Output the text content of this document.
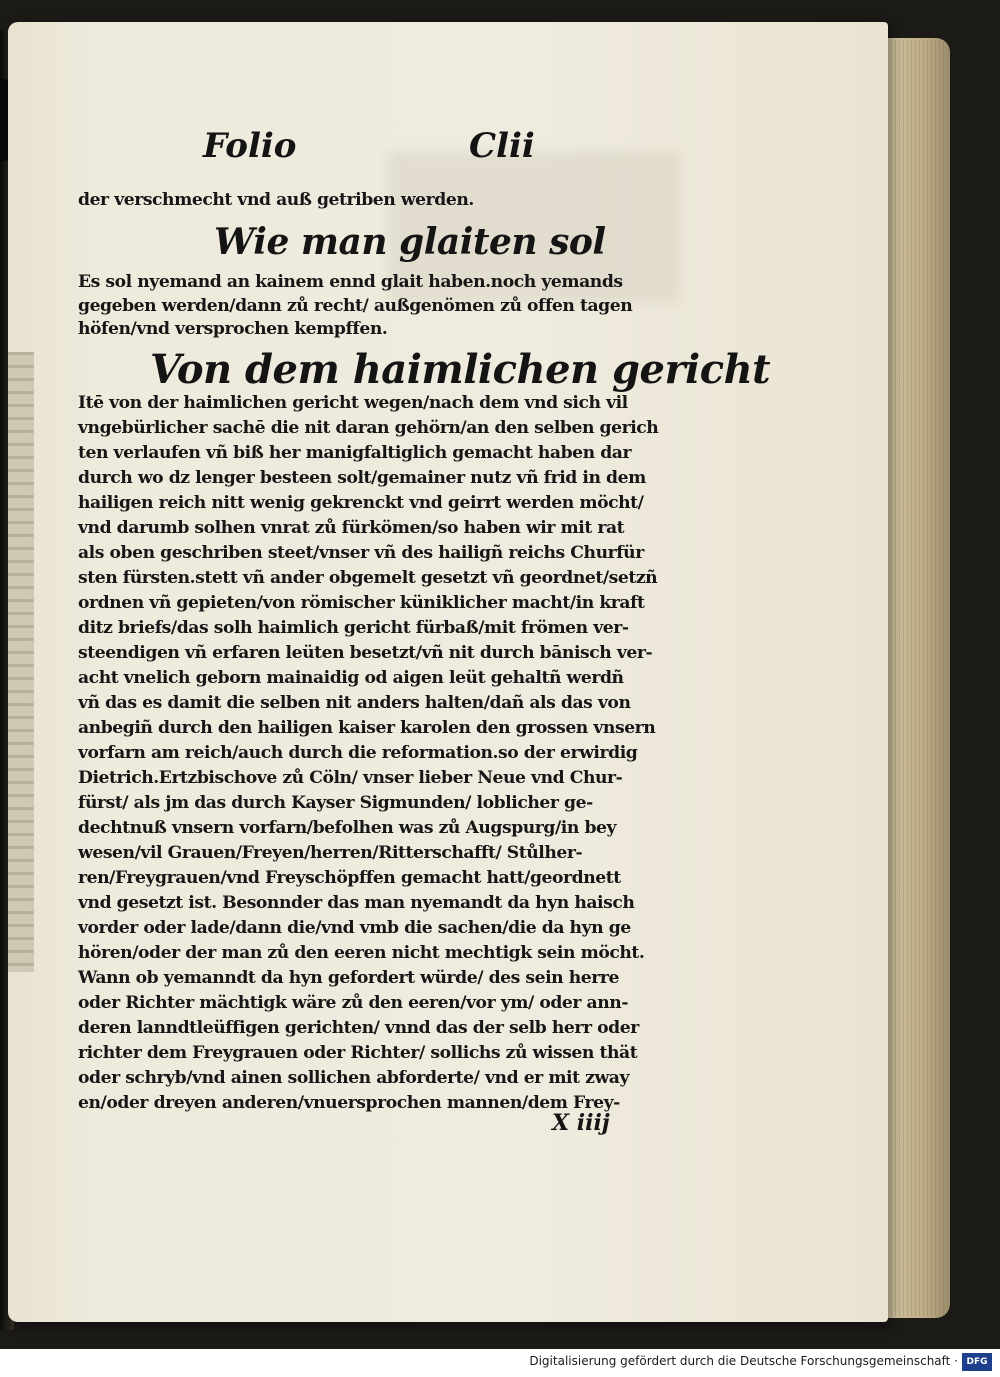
Folio	Clii
der verschmecht vnd auß getriben werden.
Wie man glaiten sol
Es sol nyemand an kainem ennd glait haben.noch yemands
gegeben werden/dann zů recht/ außgenömen zů offen tagen
höfen/vnd versprochen kempffen.
Von dem haimlichen gericht
Itē von der haimlichen gericht wegen/nach dem vnd sich vil
vngebürlicher sachē die nit daran gehörn/an den selben gerich
ten verlaufen vñ biß her manigfaltiglich gemacht haben dar
durch wo dz lenger besteen solt/gemainer nutz vñ frid in dem
hailigen reich nitt wenig gekrenckt vnd geirrt werden möcht/
vnd darumb solhen vnrat zů fürkömen/so haben wir mit rat
als oben geschriben steet/vnser vñ des hailigñ reichs Churfür
sten fürsten.stett vñ ander obgemelt gesetzt vñ geordnet/setzñ
ordnen vñ gepieten/von römischer küniklicher macht/in kraft
ditz briefs/das solh haimlich gericht fürbaß/mit frömen ver-
steendigen vñ erfaren leüten besetzt/vñ nit durch bānisch ver-
acht vnelich geborn mainaidig od aigen leüt gehaltñ werdñ
vñ das es damit die selben nit anders halten/dañ als das von
anbegiñ durch den hailigen kaiser karolen den grossen vnsern
vorfarn am reich/auch durch die reformation.so der erwirdig
Dietrich.Ertzbischove zů Cöln/ vnser lieber Neue vnd Chur-
fürst/ als jm das durch Kayser Sigmunden/ loblicher ge-
dechtnuß vnsern vorfarn/befolhen was zů Augspurg/in bey
wesen/vil Grauen/Freyen/herren/Ritterschafft/ Stůlher-
ren/Freygrauen/vnd Freyschöpffen gemacht hatt/geordnett
vnd gesetzt ist. Besonnder das man nyemandt da hyn haisch
vorder oder lade/dann die/vnd vmb die sachen/die da hyn ge
hören/oder der man zů den eeren nicht mechtigk sein möcht.
Wann ob yemanndt da hyn gefordert würde/ des sein herre
oder Richter mächtigk wäre zů den eeren/vor ym/ oder ann-
deren lanndtleüffigen gerichten/ vnnd das der selb herr oder
richter dem Freygrauen oder Richter/ sollichs zů wissen thät
oder schryb/vnd ainen sollichen abforderte/ vnd er mit zway
en/oder dreyen anderen/vnuersprochen mannen/dem Frey-
X iiij
Digitalisierung gefördert durch die Deutsche Forschungsgemeinschaft · DFG
